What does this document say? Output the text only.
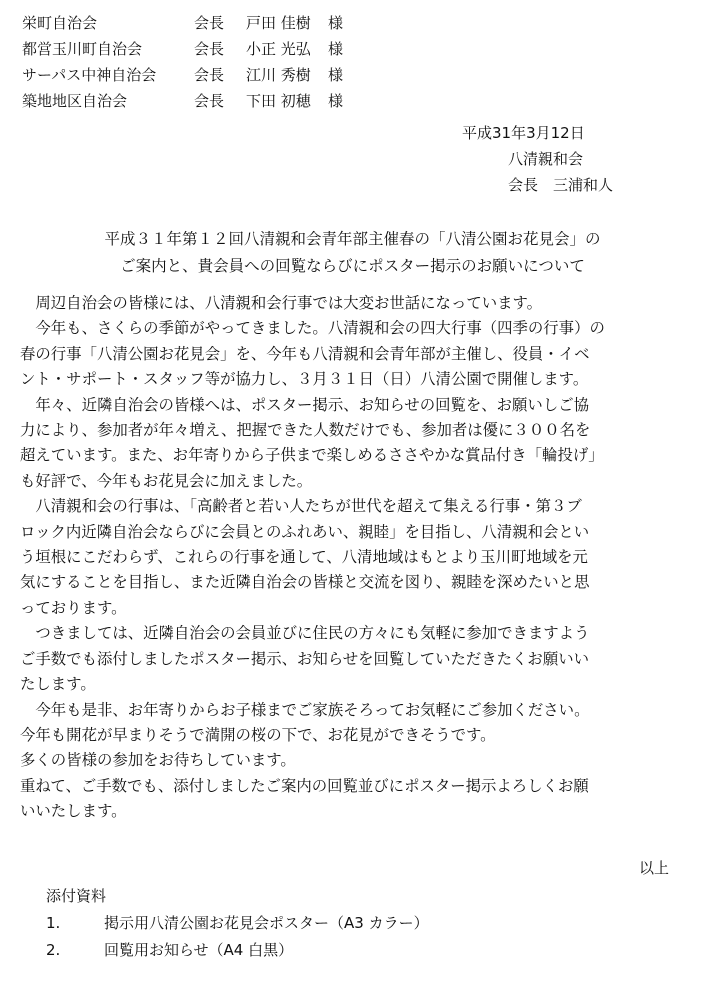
栄町自治会	会長	戸田 佳樹	様
都営玉川町自治会	会長	小正 光弘	様
サーパス中神自治会	会長	江川 秀樹	様
築地地区自治会	会長	下田 初穂	様
平成31年3月12日
八清親和会
会長　三浦和人
平成３１年第１２回八清親和会青年部主催春の「八清公園お花見会」の
ご案内と、貴会員への回覧ならびにポスター掲示のお願いについて

　周辺自治会の皆様には、八清親和会行事では大変お世話になっています。

　今年も、さくらの季節がやってきました。八清親和会の四大行事（四季の行事）の

春の行事「八清公園お花見会」を、今年も八清親和会青年部が主催し、役員・イベ

ント・サポート・スタッフ等が協力し、３月３１日（日）八清公園で開催します。

　年々、近隣自治会の皆様へは、ポスター掲示、お知らせの回覧を、お願いしご協

力により、参加者が年々増え、把握できた人数だけでも、参加者は優に３００名を

超えています。また、お年寄りから子供まで楽しめるささやかな賞品付き「輪投げ」

も好評で、今年もお花見会に加えました。

　八清親和会の行事は、「高齢者と若い人たちが世代を超えて集える行事・第３ブ

ロック内近隣自治会ならびに会員とのふれあい、親睦」を目指し、八清親和会とい

う垣根にこだわらず、これらの行事を通して、八清地域はもとより玉川町地域を元

気にすることを目指し、また近隣自治会の皆様と交流を図り、親睦を深めたいと思

っております。

　つきましては、近隣自治会の会員並びに住民の方々にも気軽に参加できますよう

ご手数でも添付しましたポスター掲示、お知らせを回覧していただきたくお願いい

たします。

　今年も是非、お年寄りからお子様までご家族そろってお気軽にご参加ください。

今年も開花が早まりそうで満開の桜の下で、お花見ができそうです。

多くの皆様の参加をお待ちしています。

重ねて、ご手数でも、添付しましたご案内の回覧並びにポスター掲示よろしくお願

いいたします。

以上
添付資料
1.	掲示用八清公園お花見会ポスター（A3 カラー）
2.	回覧用お知らせ（A4 白黒）
